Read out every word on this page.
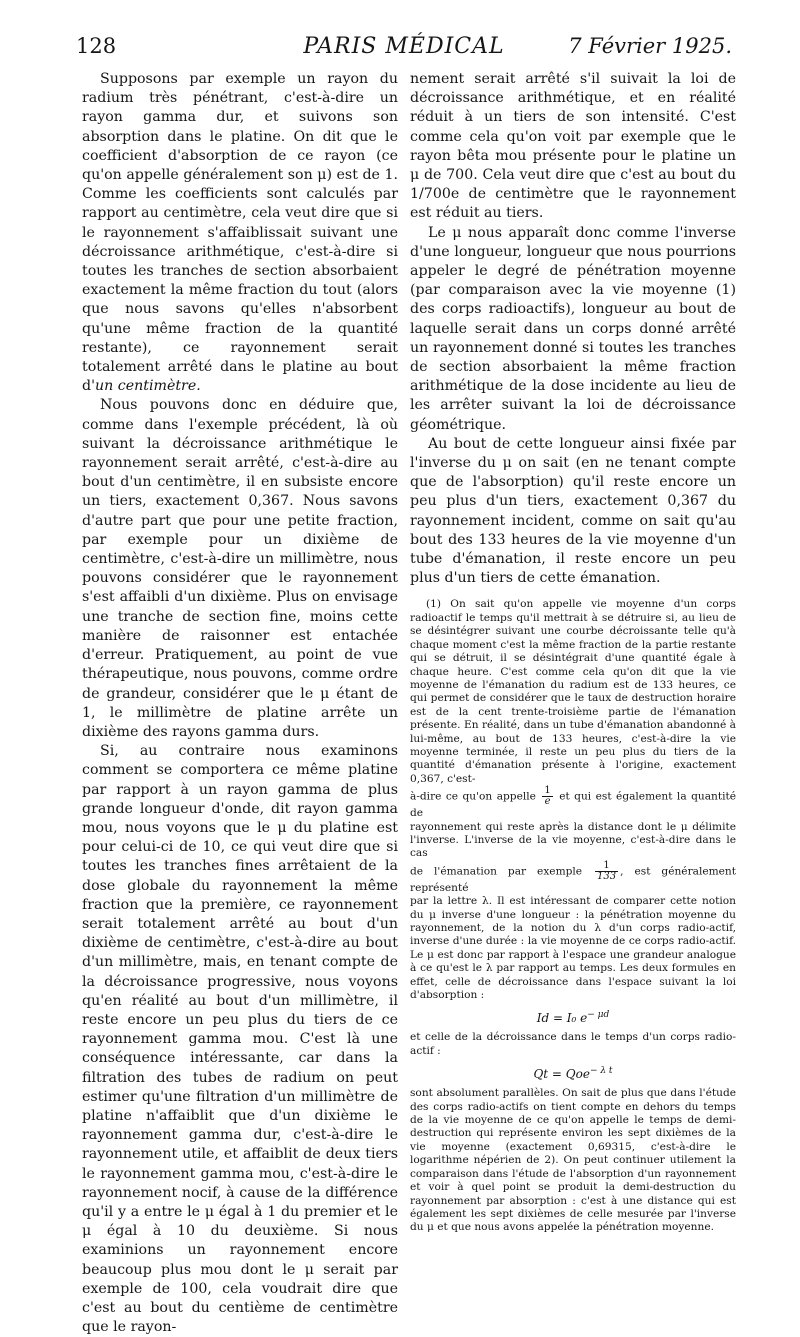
128	PARIS MÉDICAL	7 Février 1925.

Supposons par exemple un rayon du radium très pénétrant, c'est-à-dire un rayon gamma dur, et suivons son absorption dans le platine. On dit que le coefficient d'absorption de ce rayon (ce qu'on appelle généralement son μ) est de 1. Comme les coefficients sont calculés par rapport au centimètre, cela veut dire que si le rayonnement s'affaiblissait suivant une décroissance arithmétique, c'est-à-dire si toutes les tranches de section absorbaient exactement la même fraction du tout (alors que nous savons qu'elles n'absorbent qu'une même fraction de la quantité restante), ce rayonnement serait totalement arrêté dans le platine au bout d'un centimètre.

Nous pouvons donc en déduire que, comme dans l'exemple précédent, là où suivant la décroissance arithmétique le rayonnement serait arrêté, c'est-à-dire au bout d'un centimètre, il en subsiste encore un tiers, exactement 0,367. Nous savons d'autre part que pour une petite fraction, par exemple pour un dixième de centimètre, c'est-à-dire un millimètre, nous pouvons considérer que le rayonnement s'est affaibli d'un dixième. Plus on envisage une tranche de section fine, moins cette manière de raisonner est entachée d'erreur. Pratiquement, au point de vue thérapeutique, nous pouvons, comme ordre de grandeur, considérer que le μ étant de 1, le millimètre de platine arrête un dixième des rayons gamma durs.

Si, au contraire nous examinons comment se comportera ce même platine par rapport à un rayon gamma de plus grande longueur d'onde, dit rayon gamma mou, nous voyons que le μ du platine est pour celui-ci de 10, ce qui veut dire que si toutes les tranches fines arrêtaient de la dose globale du rayonnement la même fraction que la première, ce rayonnement serait totalement arrêté au bout d'un dixième de centimètre, c'est-à-dire au bout d'un millimètre, mais, en tenant compte de la décroissance progressive, nous voyons qu'en réalité au bout d'un millimètre, il reste encore un peu plus du tiers de ce rayonnement gamma mou. C'est là une conséquence intéressante, car dans la filtration des tubes de radium on peut estimer qu'une filtration d'un millimètre de platine n'affaiblit que d'un dixième le rayonnement gamma dur, c'est-à-dire le rayonnement utile, et affaiblit de deux tiers le rayonnement gamma mou, c'est-à-dire le rayonnement nocif, à cause de la différence qu'il y a entre le μ égal à 1 du premier et le μ égal à 10 du deuxième. Si nous examinions un rayonnement encore beaucoup plus mou dont le μ serait par exemple de 100, cela voudrait dire que c'est au bout du centième de centimètre que le rayon-

nement serait arrêté s'il suivait la loi de décroissance arithmétique, et en réalité réduit à un tiers de son intensité. C'est comme cela qu'on voit par exemple que le rayon bêta mou présente pour le platine un μ de 700. Cela veut dire que c'est au bout du 1/700e de centimètre que le rayonnement est réduit au tiers.

Le μ nous apparaît donc comme l'inverse d'une longueur, longueur que nous pourrions appeler le degré de pénétration moyenne (par comparaison avec la vie moyenne (1) des corps radioactifs), longueur au bout de laquelle serait dans un corps donné arrêté un rayonnement donné si toutes les tranches de section absorbaient la même fraction arithmétique de la dose incidente au lieu de les arrêter suivant la loi de décroissance géométrique.

Au bout de cette longueur ainsi fixée par l'inverse du μ on sait (en ne tenant compte que de l'absorption) qu'il reste encore un peu plus d'un tiers, exactement 0,367 du rayonnement incident, comme on sait qu'au bout des 133 heures de la vie moyenne d'un tube d'émanation, il reste encore un peu plus d'un tiers de cette émanation.

(1) On sait qu'on appelle vie moyenne d'un corps radioactif le temps qu'il mettrait à se détruire si, au lieu de se désintégrer suivant une courbe décroissante telle qu'à chaque moment c'est la même fraction de la partie restante qui se détruit, il se désintégrait d'une quantité égale à chaque heure. C'est comme cela qu'on dit que la vie moyenne de l'émanation du radium est de 133 heures, ce qui permet de considérer que le taux de destruction horaire est de la cent trente-troisième partie de l'émanation présente. En réalité, dans un tube d'émanation abandonné à lui-même, au bout de 133 heures, c'est-à-dire la vie moyenne terminée, il reste un peu plus du tiers de la quantité d'émanation présente à l'origine, exactement 0,367, c'est-

à-dire ce qu'on appelle $\frac{1}{e}$ et qui est également la quantité de

rayonnement qui reste après la distance dont le μ délimite l'inverse. L'inverse de la vie moyenne, c'est-à-dire dans le cas

de l'émanation par exemple $\frac{1}{133}$ , est généralement représenté

par la lettre λ. Il est intéressant de comparer cette notion du μ inverse d'une longueur : la pénétration moyenne du rayonnement, de la notion du λ d'un corps radio-actif, inverse d'une durée : la vie moyenne de ce corps radio-actif. Le μ est donc par rapport à l'espace une grandeur analogue à ce qu'est le λ par rapport au temps. Les deux formules en effet, celle de décroissance dans l'espace suivant la loi d'absorption :

Id = I₀ $e^{- \mu d}$

et celle de la décroissance dans le temps d'un corps radio-actif :

Qt = Qoe$^{- \lambda t}$

sont absolument parallèles. On sait de plus que dans l'étude des corps radio-actifs on tient compte en dehors du temps de la vie moyenne de ce qu'on appelle le temps de demi-destruction qui représente environ les sept dixièmes de la vie moyenne (exactement 0,69315, c'est-à-dire le logarithme népérien de 2). On peut continuer utilement la comparaison dans l'étude de l'absorption d'un rayonnement et voir à quel point se produit la demi-destruction du rayonnement par absorption : c'est à une distance qui est également les sept dixièmes de celle mesurée par l'inverse du μ et que nous avons appelée la pénétration moyenne.
